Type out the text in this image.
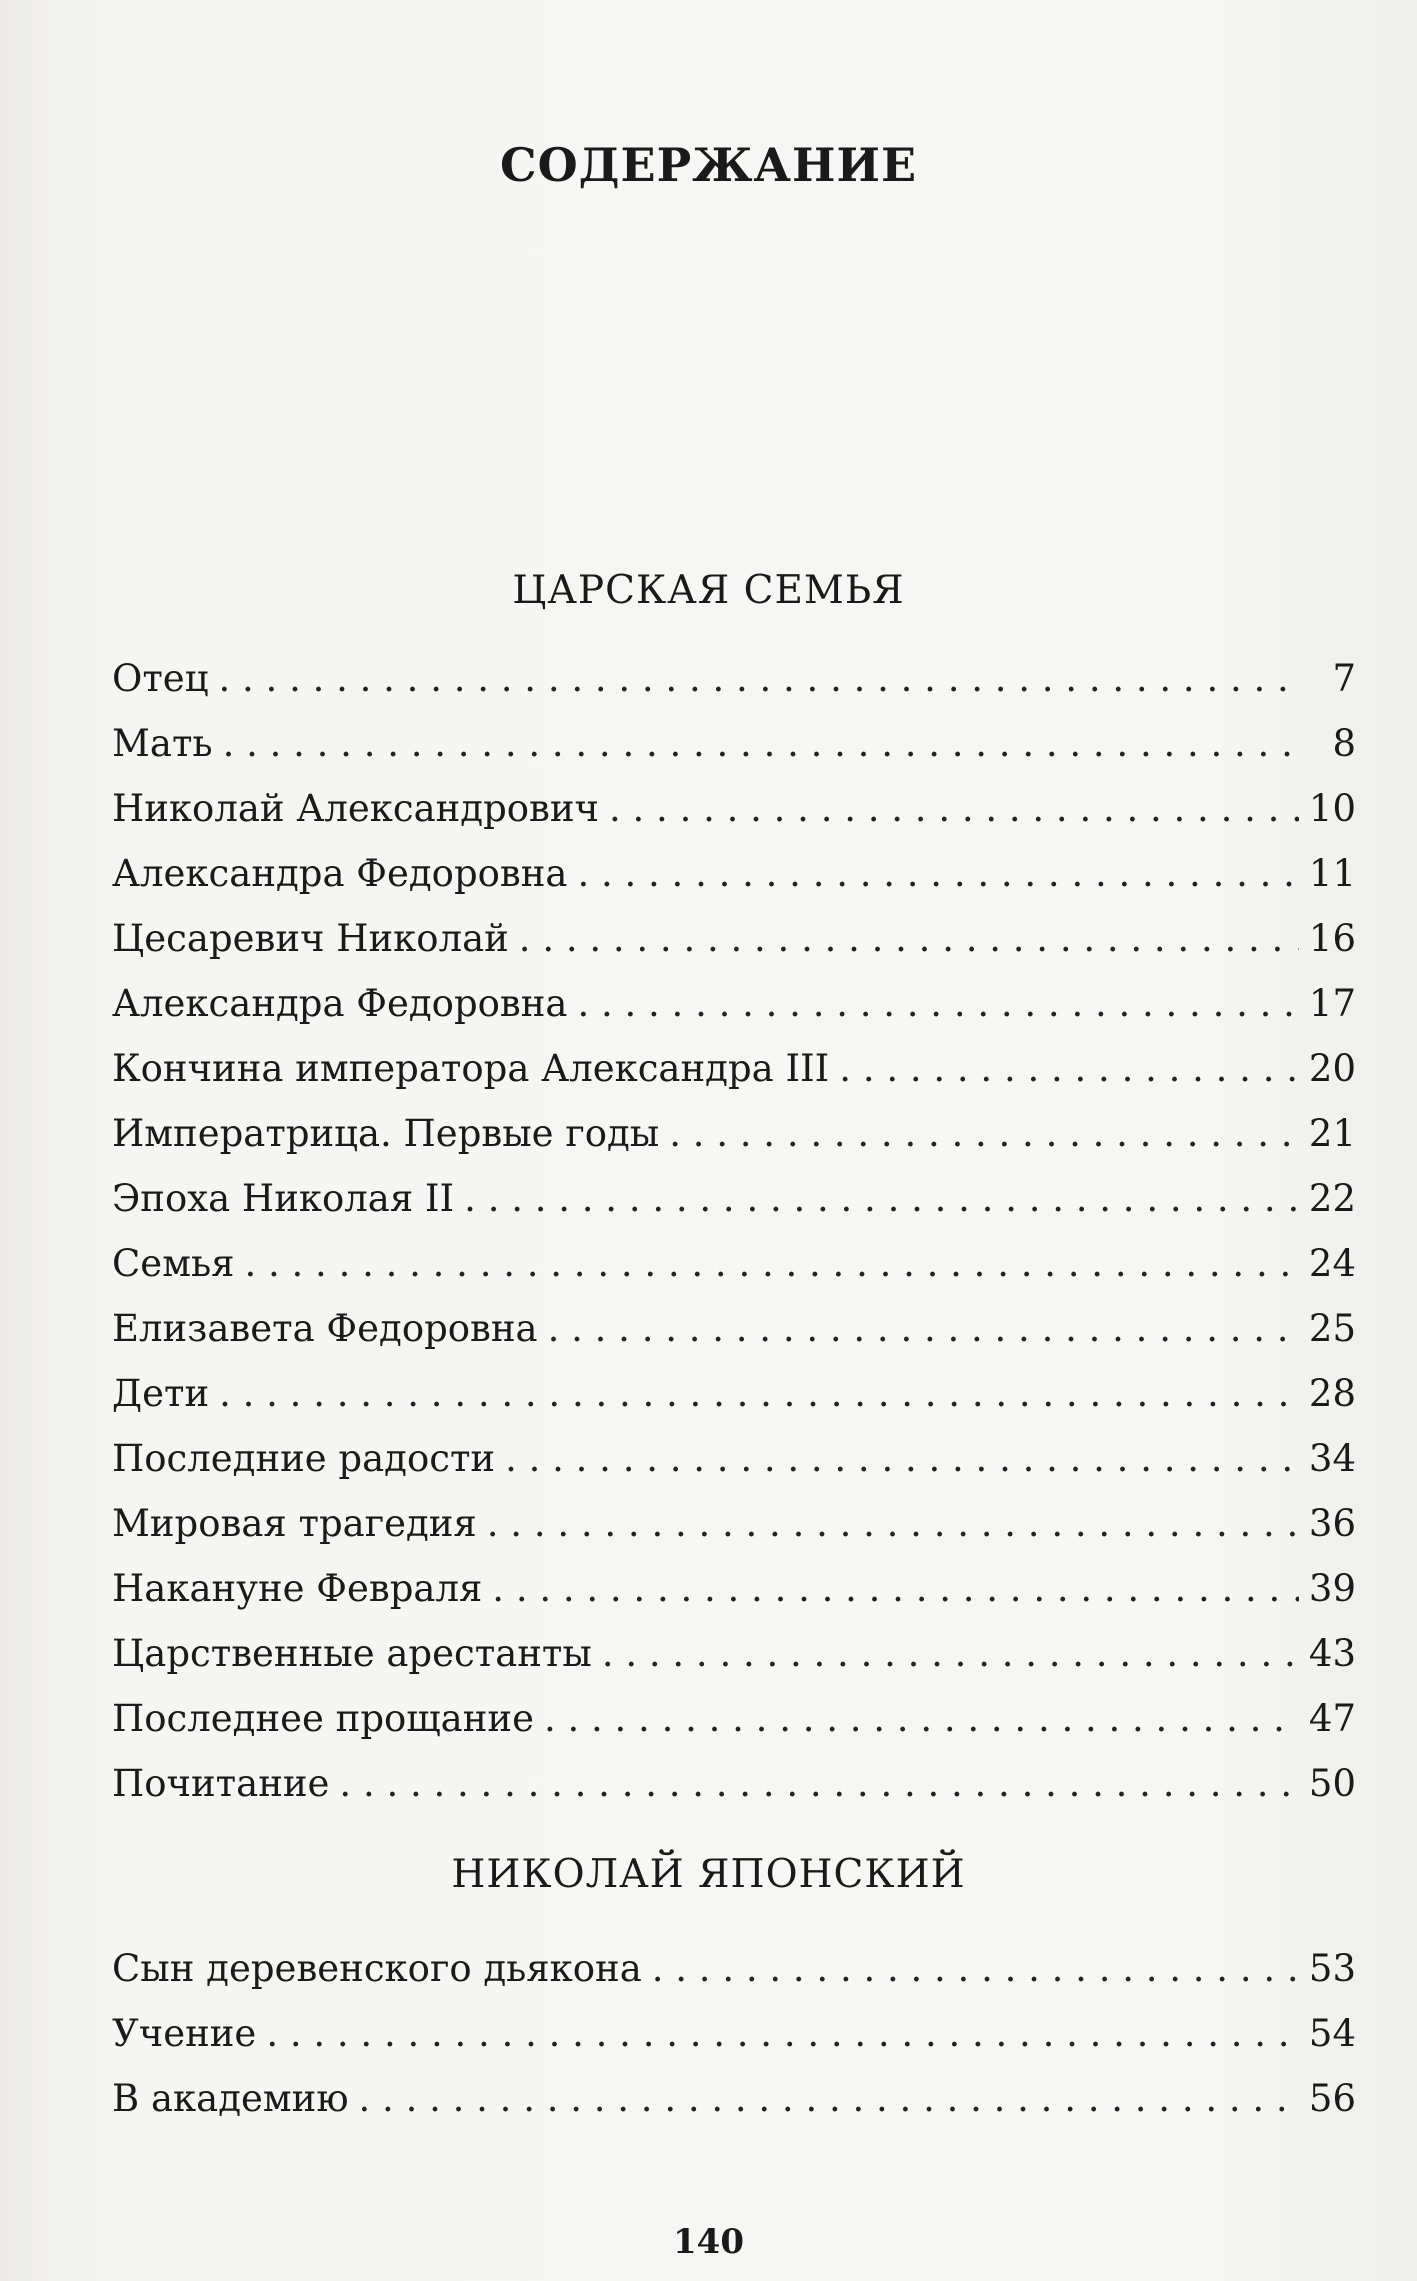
СОДЕРЖАНИЕ
ЦАРСКАЯ СЕМЬЯ
Отец . . .	7
Мать . . .	8
Николай Александрович . . .	10
Александра Федоровна . . .	11
Цесаревич Николай . . .	16
Александра Федоровна . . .	17
Кончина императора Александра III . . .	20
Императрица. Первые годы . . .	21
Эпоха Николая II . . .	22
Семья . . .	24
Елизавета Федоровна . . .	25
Дети . . .	28
Последние радости . . .	34
Мировая трагедия . . .	36
Накануне Февраля . . .	39
Царственные арестанты . . .	43
Последнее прощание . . .	47
Почитание . . .	50
НИКОЛАЙ ЯПОНСКИЙ
Сын деревенского дьякона . . .	53
Учение . . .	54
В академию . . .	56
140
